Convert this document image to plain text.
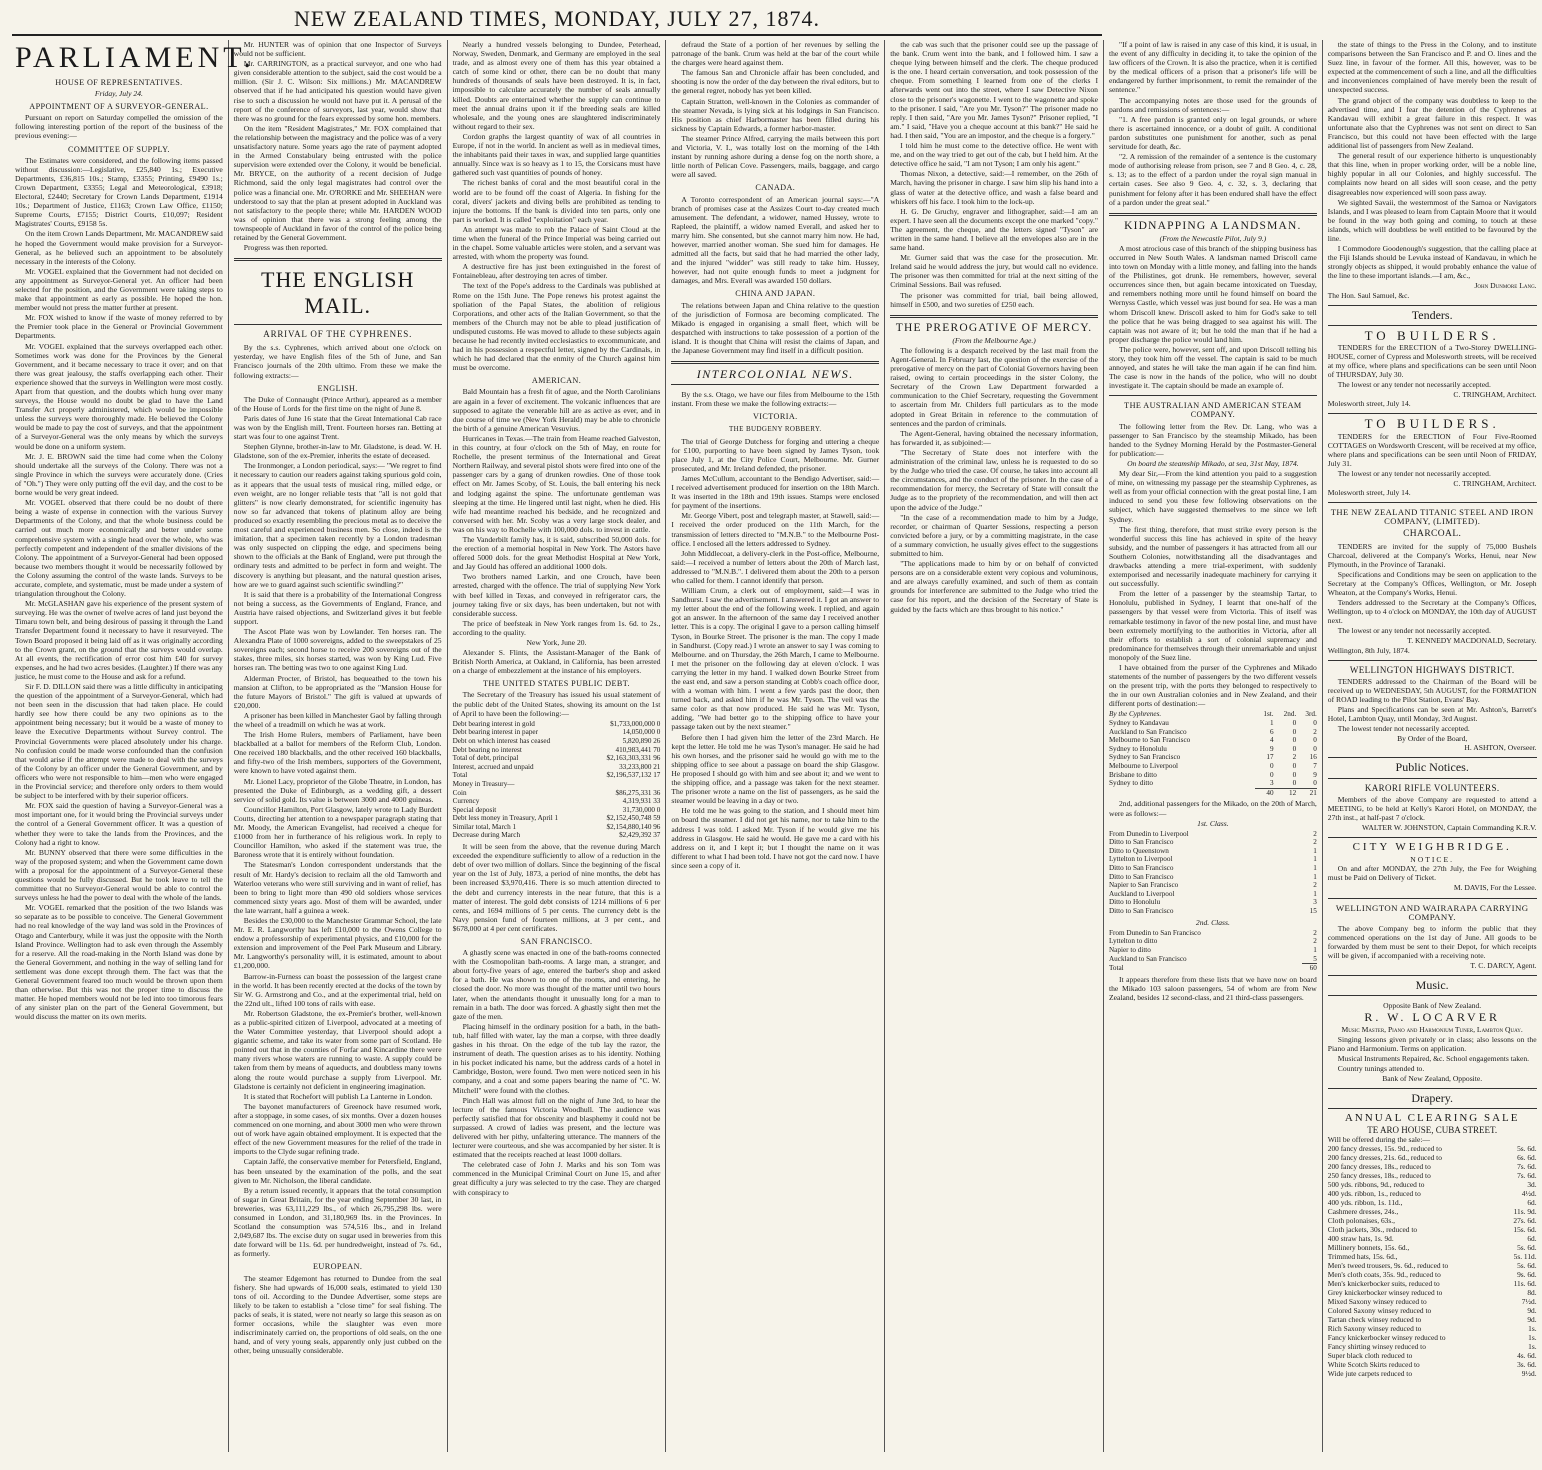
NEW ZEALAND TIMES, MONDAY, JULY 27, 1874.
PARLIAMENT.
HOUSE OF REPRESENTATIVES.

Friday, July 24.

APPOINTMENT OF A SURVEYOR-GENERAL.

Pursuant on report on Saturday compelled the omission of the following interesting portion of the report of the business of the previous evening:—

COMMITTEE OF SUPPLY.

The Estimates were considered, and the following items passed without discussion:—Legislative, £25,840 1s.; Executive Departments, £36,815 10s.; Stamp, £3355; Printing, £9490 1s.; Crown Department, £3355; Legal and Meteorological, £3918; Electoral, £2440; Secretary for Crown Lands Department, £1914 10s.; Department of Justice, £1163; Crown Law Office, £1150; Supreme Courts, £7155; District Courts, £10,097; Resident Magistrates' Courts, £9158 5s.

On the item Crown Lands Department, Mr. MACANDREW said he hoped the Government would make provision for a Surveyor-General, as he believed such an appointment to be absolutely necessary in the interests of the Colony.

Mr. VOGEL explained that the Government had not decided on any appointment as Surveyor-General yet. An officer had been selected for the position, and the Government were taking steps to make that appointment as early as possible. He hoped the hon. member would not press the matter further at present.

Mr. FOX wished to know if the waste of money referred to by the Premier took place in the General or Provincial Government Departments.

Mr. VOGEL explained that the surveys overlapped each other. Sometimes work was done for the Provinces by the General Government, and it became necessary to trace it over; and on that there was great jealousy, the staffs overlapping each other. Their experience showed that the surveys in Wellington were most costly. Apart from that question, and the doubts which hung over many surveys, the House would no doubt be glad to have the Land Transfer Act properly administered, which would be impossible unless the surveys were thoroughly made. He believed the Colony would be made to pay the cost of surveys, and that the appointment of a Surveyor-General was the only means by which the surveys would be done on a uniform system.

Mr. J. E. BROWN said the time had come when the Colony should undertake all the surveys of the Colony. There was not a single Province in which the surveys were accurately done. (Cries of "Oh.") They were only putting off the evil day, and the cost to be borne would be very great indeed.

Mr. VOGEL observed that there could be no doubt of there being a waste of expense in connection with the various Survey Departments of the Colony, and that the whole business could be carried out much more economically and better under some comprehensive system with a single head over the whole, who was perfectly competent and independent of the smaller divisions of the Colony. The appointment of a Surveyor-General had been opposed because two members thought it would be necessarily followed by the Colony assuming the control of the waste lands. Surveys to be accurate, complete, and systematic, must be made under a system of triangulation throughout the Colony.

Mr. McGLASHAN gave his experience of the present system of surveying. He was the owner of twelve acres of land just beyond the Timaru town belt, and being desirous of passing it through the Land Transfer Department found it necessary to have it resurveyed. The Town Board proposed it being laid off as it was originally according to the Crown grant, on the ground that the surveys would overlap. At all events, the rectification of error cost him £40 for survey expenses, and he had two acres besides. (Laughter.) If there was any justice, he must come to the House and ask for a refund.

Sir F. D. DILLON said there was a little difficulty in anticipating the question of the appointment of a Surveyor-General, which had not been seen in the discussion that had taken place. He could hardly see how there could be any two opinions as to the appointment being necessary; but it would be a waste of money to leave the Executive Departments without Survey control. The Provincial Governments were placed absolutely under his charge. No confusion could be made worse confounded than the confusion that would arise if the attempt were made to deal with the surveys of the Colony by an officer under the General Government, and by officers who were not responsible to him—men who were engaged in the Provincial service; and therefore only orders to them would be subject to be interfered with by their superior officers.

Mr. FOX said the question of having a Surveyor-General was a most important one, for it would bring the Provincial surveys under the control of a General Government officer. It was a question of whether they were to take the lands from the Provinces, and the Colony had a right to know.

Mr. BUNNY observed that there were some difficulties in the way of the proposed system; and when the Government came down with a proposal for the appointment of a Surveyor-General these questions would be fully discussed. But he took leave to tell the committee that no Surveyor-General would be able to control the surveys unless he had the power to deal with the whole of the lands.

Mr. VOGEL remarked that the position of the two Islands was so separate as to be possible to conceive. The General Government had no real knowledge of the way land was sold in the Provinces of Otago and Canterbury, while it was just the opposite with the North Island Province. Wellington had to ask even through the Assembly for a reserve. All the road-making in the North Island was done by the General Government, and nothing in the way of selling land for settlement was done except through them. The fact was that the General Government feared too much would be thrown upon them than otherwise. But this was not the proper time to discuss the matter. He hoped members would not be led into too timorous fears of any sinister plan on the part of the General Government, but would discuss the matter on its own merits.

Mr. HUNTER was of opinion that one Inspector of Surveys would not be sufficient.

Mr. CARRINGTON, as a practical surveyor, and one who had given considerable attention to the subject, said the cost would be a million. (Sir J. C. Wilson: Six millions.) Mr. MACANDREW observed that if he had anticipated his question would have given rise to such a discussion he would not have put it. A perusal of the report of the conference of surveyors, last year, would show that there was no ground for the fears expressed by some hon. members.

On the item "Resident Magistrates," Mr. FOX complained that the relationship between the magistracy and the police was of a very unsatisfactory nature. Some years ago the rate of payment adopted in the Armed Constabulary being entrusted with the police supervision were extended over the Colony, it would be beneficial. Mr. BRYCE, on the authority of a recent decision of Judge Richmond, said the only legal magistrates had control over the police was a financial one. Mr. O'RORKE and Mr. SHEEHAN were understood to say that the plan at present adopted in Auckland was not satisfactory to the people there; while Mr. HARDEN WOOD was of opinion that there was a strong feeling among the townspeople of Auckland in favor of the control of the police being retained by the General Government.

Progress was then reported.

THE ENGLISH MAIL.
ARRIVAL OF THE CYPHRENES.

By the s.s. Cyphrenes, which arrived about one o'clock on yesterday, we have English files of the 5th of June, and San Francisco journals of the 20th ultimo. From these we make the following extracts:—

ENGLISH.

The Duke of Connaught (Prince Arthur), appeared as a member of the House of Lords for the first time on the night of June 8.

Paris dates of June 16 state that the Great International Cab race was won by the English mill, Trent. Fourteen horses ran. Betting at start was four to one against Trent.

Stephen Glynne, brother-in-law to Mr. Gladstone, is dead. W. H. Gladstone, son of the ex-Premier, inherits the estate of deceased.

The Ironmonger, a London periodical, says:— "We regret to find it necessary to caution our readers against taking spurious gold coin, as it appears that the usual tests of musical ring, milled edge, or even weight, are no longer reliable tests that "all is not gold that glitters" is now clearly demonstrated, for scientific ingenuity has now so far advanced that tokens of platinum alloy are being produced so exactly resembling the precious metal as to deceive the most careful and experienced business men. So close, indeed is the imitation, that a specimen taken recently by a London tradesman was only suspected on clipping the edge, and specimens being shown to the officials at the Bank of England, were put through the ordinary tests and admitted to be perfect in form and weight. The discovery is anything but pleasant, and the natural question arises, how are we to guard against such scientific swindling?"

It is said that there is a probability of the International Congress not being a success, as the Governments of England, France, and Austria have raised objections, and Switzerland gives it but feeble support.

The Ascot Plate was won by Lowlander. Ten horses ran. The Alexandra Plate of 1000 sovereigns, added to the sweepstakes of 25 sovereigns each; second horse to receive 200 sovereigns out of the stakes, three miles, six horses started, was won by King Lud. Five horses ran. The betting was two to one against King Lud.

Alderman Procter, of Bristol, has bequeathed to the town his mansion at Clifton, to be appropriated as the "Mansion House for the future Mayors of Bristol." The gift is valued at upwards of £20,000.

A prisoner has been killed in Manchester Gaol by falling through the wheel of a treadmill on which he was at work.

The Irish Home Rulers, members of Parliament, have been blackballed at a ballot for members of the Reform Club, London. One received 180 blackballs, and the other received 160 blackballs, and fifty-two of the Irish members, supporters of the Government, were known to have voted against them.

Mr. Lionel Lacy, proprietor of the Globe Theatre, in London, has presented the Duke of Edinburgh, as a wedding gift, a dessert service of solid gold. Its value is between 3000 and 4000 guineas.

Councillor Hamilton, Port Glasgow, lately wrote to Lady Burdett Coutts, directing her attention to a newspaper paragraph stating that Mr. Moody, the American Evangelist, had received a cheque for £1000 from her in furtherance of his religious work. In reply to Councillor Hamilton, who asked if the statement was true, the Baroness wrote that it is entirely without foundation.

The Statesman's London correspondent understands that the result of Mr. Hardy's decision to reclaim all the old Tamworth and Waterloo veterans who were still surviving and in want of relief, has been to bring to light more than 490 old soldiers whose services commenced sixty years ago. Most of them will be awarded, under the late warrant, half a guinea a week.

Besides the £30,000 to the Manchester Grammar School, the late Mr. E. R. Langworthy has left £10,000 to the Owens College to endow a professorship of experimental physics, and £10,000 for the extension and improvement of the Peel Park Museum and Library. Mr. Langworthy's personality will, it is estimated, amount to about £1,200,000.

Barrow-in-Furness can boast the possession of the largest crane in the world. It has been recently erected at the docks of the town by Sir W. G. Armstrong and Co., and at the experimental trial, held on the 22nd ult., lifted 100 tons of rails with ease.

Mr. Robertson Gladstone, the ex-Premier's brother, well-known as a public-spirited citizen of Liverpool, advocated at a meeting of the Water Committee yesterday, that Liverpool should adopt a gigantic scheme, and take its water from some part of Scotland. He pointed out that in the counties of Forfar and Kincardine there were many rivers whose waters are running to waste. A supply could be taken from them by means of aqueducts, and doubtless many towns along the route would purchase a supply from Liverpool. Mr. Gladstone is certainly not deficient in engineering imagination.

It is stated that Rochefort will publish La Lanterne in London.

The bayonet manufacturers of Greenock have resumed work, after a stoppage, in some cases, of six months. Over a dozen houses commenced on one morning, and about 3000 men who were thrown out of work have again obtained employment. It is expected that the effect of the new Government measures for the relief of the trade in imports to the Clyde sugar refining trade.

Captain Jaffé, the conservative member for Petersfield, England, has been unseated by the examination of the polls, and the seat given to Mr. Nicholson, the liberal candidate.

By a return issued recently, it appears that the total consumption of sugar in Great Britain, for the year ending September 30 last, in breweries, was 63,111,229 lbs., of which 26,795,298 lbs. were consumed in London, and 31,180,969 lbs. in the Provinces. In Scotland the consumption was 574,516 lbs., and in Ireland 2,049,687 lbs. The excise duty on sugar used in breweries from this date forward will be 11s. 6d. per hundredweight, instead of 7s. 6d., as formerly.

EUROPEAN.

The steamer Edgemont has returned to Dundee from the seal fishery. She had upwards of 16,000 seals, estimated to yield 130 tons of oil. According to the Dundee Advertiser, some steps are likely to be taken to establish a "close time" for seal fishing. The packs of seals, it is stated, were not nearly so large this season as on former occasions, while the slaughter was even more indiscriminately carried on, the proportions of old seals, on the one hand, and of very young seals, apparently only just cubbed on the other, being unusually considerable.

Nearly a hundred vessels belonging to Dundee, Peterhead, Norway, Sweden, Denmark, and Germany are employed in the seal trade, and as almost every one of them has this year obtained a catch of some kind or other, there can be no doubt that many hundreds of thousands of seals have been destroyed. It is, in fact, impossible to calculate accurately the number of seals annually killed. Doubts are entertained whether the supply can continue to meet the annual drains upon it if the breeding seals are killed wholesale, and the young ones are slaughtered indiscriminately without regard to their sex.

Cordon graphs the largest quantity of wax of all countries in Europe, if not in the world. In ancient as well as in medieval times, the inhabitants paid their taxes in wax, and supplied large quantities annually. Since wax is so heavy as 1 to 15, the Corsicans must have gathered such vast quantities of pounds of honey.

The richest banks of coral and the most beautiful coral in the world are to be found off the coast of Algeria. In fishing for the coral, divers' jackets and diving bells are prohibited as tending to injure the bottoms. If the bank is divided into ten parts, only one part is worked. It is called "exploitation" each year.

An attempt was made to rob the Palace of Saint Cloud at the time when the funeral of the Prince Imperial was being carried out in the chapel. Some valuable articles were stolen, and a servant was arrested, with whom the property was found.

A destructive fire has just been extinguished in the forest of Fontainebleau, after destroying ten acres of timber.

The text of the Pope's address to the Cardinals was published at Rome on the 15th June. The Pope renews his protest against the spoliation of the Papal States, the abolition of religious Corporations, and other acts of the Italian Government, so that the members of the Church may not be able to plead justification of undisputed customs. He was moved to allude to these subjects again because he had recently invited ecclesiastics to excommunicate, and had in his possession a respectful letter, signed by the Cardinals, in which he had declared that the enmity of the Church against him must be overcome.

AMERICAN.

Bald Mountain has a fresh fit of ague, and the North Carolinians are again in a fever of excitement. The volcanic influences that are supposed to agitate the venerable hill are as active as ever, and in due course of time we (New York Herald) may be able to chronicle the birth of a genuine American Vesuvius.

Hurricanes in Texas.—The train from Heame reached Galveston, in this country, at four o'clock on the 5th of May, en route for Rochelle, the present terminus of the International and Great Northern Railway, and several pistol shots were fired into one of the passenger cars by a gang of drunken rowdies. One of those took effect on Mr. James Scoby, of St. Louis, the ball entering his neck and lodging against the spine. The unfortunate gentleman was sleeping at the time. He lingered until last night, when he died. His wife had meantime reached his bedside, and he recognized and conversed with her. Mr. Scoby was a very large stock dealer, and was on his way to Rochelle with 100,000 dols. to invest in cattle.

The Vanderbilt family has, it is said, subscribed 50,000 dols. for the erection of a memorial hospital in New York. The Astors have offered 5000 dols. for the great Methodist Hospital at New York, and Jay Gould has offered an additional 1000 dols.

Two brothers named Larkin, and one Crouch, have been arrested, charged with the offence. The trial of supplying New York with beef killed in Texas, and conveyed in refrigerator cars, the journey taking five or six days, has been undertaken, but not with considerable success.

The price of beefsteak in New York ranges from 1s. 6d. to 2s., according to the quality.

New York, June 20.

Alexander S. Flints, the Assistant-Manager of the Bank of British North America, at Oakland, in California, has been arrested on a charge of embezzlement at the instance of his employers.

THE UNITED STATES PUBLIC DEBT.

The Secretary of the Treasury has issued his usual statement of the public debt of the United States, showing its amount on the 1st of April to have been the following:—

Debt bearing interest in gold	$1,733,000,000 0
Debt bearing interest in paper	14,050,000 0
Debt on which interest has ceased	5,820,890 26
Debt bearing no interest	410,983,441 70
Total of debt, principal	$2,163,303,331 96
Interest, accrued and unpaid	33,233,800 21
Total	$2,196,537,132 17
Money in Treasury—	
Coin	$86,275,331 36
Currency	4,319,931 33
Special deposit	31,730,000 0
Debt less money in Treasury, April 1	$2,152,450,748 59
Similar total, March 1	$2,154,880,140 96
Decrease during March	$2,429,392 37

It will be seen from the above, that the revenue during March exceeded the expenditure sufficiently to allow of a reduction in the debt of over two million of dollars. Since the beginning of the fiscal year on the 1st of July, 1873, a period of nine months, the debt has been increased $3,970,416. There is so much attention directed to the debt and currency interests in the near future, that this is a matter of interest. The gold debt consists of 1214 millions of 6 per cents, and 1694 millions of 5 per cents. The currency debt is the Navy pension fund of fourteen millions, at 3 per cent., and $678,000 at 4 per cent certificates.

SAN FRANCISCO.

A ghastly scene was enacted in one of the bath-rooms connected with the Cosmopolitan bath-rooms. A large man, a stranger, and about forty-five years of age, entered the barber's shop and asked for a bath. He was shown to one of the rooms, and entering, he closed the door. No more was thought of the matter until two hours later, when the attendants thought it unusually long for a man to remain in a bath. The door was forced. A ghastly sight then met the gaze of the men.

Placing himself in the ordinary position for a bath, in the bath-tub, half filled with water, lay the man a corpse, with three deadly gashes in his throat. On the edge of the tub lay the razor, the instrument of death. The question arises as to his identity. Nothing in his pocket indicated his name, but the address cards of a hotel in Cambridge, Boston, were found. Two men were noticed seen in his company, and a coat and some papers bearing the name of "C. W. Mitchell" were found with the clothes.

Pinch Hall was almost full on the night of June 3rd, to hear the lecture of the famous Victoria Woodhull. The audience was perfectly satisfied that for obscenity and blasphemy it could not be surpassed. A crowd of ladies was present, and the lecture was delivered with her pithy, unfaltering utterance. The manners of the lecturer were courteous, and she was accompanied by her sister. It is estimated that the receipts reached at least 1000 dollars.

The celebrated case of John J. Marks and his son Tom was commenced in the Municipal Criminal Court on June 15, and after great difficulty a jury was selected to try the case. They are charged with conspiracy to

defraud the State of a portion of her revenues by selling the patronage of the bank. Crum was held at the bar of the court while the charges were heard against them.

The famous San and Chronicle affair has been concluded, and shooting is now the order of the day between the rival editors, but to the general regret, nobody has yet been killed.

Captain Stratton, well-known in the Colonies as commander of the steamer Nevada, is lying sick at his lodgings in San Francisco. His position as chief Harbormaster has been filled during his sickness by Captain Edwards, a former harbor-master.

The steamer Prince Alfred, carrying the mails between this port and Victoria, V. I., was totally lost on the morning of the 14th instant by running ashore during a dense fog on the north shore, a little north of Pelican Cove. Passengers, mails, baggage, and cargo were all saved.

CANADA.

A Toronto correspondent of an American journal says:—"A branch of promises case at the Assizes Court to-day created much amusement. The defendant, a widower, named Hussey, wrote to Rapleed, the plaintiff, a widow named Everall, and asked her to marry him. She consented, but she cannot marry him now. He had, however, married another woman. She sued him for damages. He admitted all the facts, but said that he had married the other lady, and the injured "widder" was still ready to take him. Hussey, however, had not quite enough funds to meet a judgment for damages, and Mrs. Everall was awarded 150 dollars.

CHINA AND JAPAN.

The relations between Japan and China relative to the question of the jurisdiction of Formosa are becoming complicated. The Mikado is engaged in organising a small fleet, which will be despatched with instructions to take possession of a portion of the island. It is thought that China will resist the claims of Japan, and the Japanese Government may find itself in a difficult position.

INTERCOLONIAL NEWS.

By the s.s. Otago, we have our files from Melbourne to the 15th instant. From these we make the following extracts:—

VICTORIA.
THE BUDGENY ROBBERY.

The trial of George Dutchess for forging and uttering a cheque for £100, purporting to have been signed by James Tyson, took place July 1, at the City Police Court, Melbourne. Mr. Gurner prosecuted, and Mr. Ireland defended, the prisoner.

James McCullum, accountant to the Bendigo Advertiser, said:—I received advertisement produced for insertion on the 18th March. It was inserted in the 18th and 19th issues. Stamps were enclosed for payment of the insertions.

Mr. George Vibert, post and telegraph master, at Stawell, said:—I received the order produced on the 11th March, for the transmission of letters directed to "M.N.B." to the Melbourne Post-office. I enclosed all the letters addressed to Sydney.

John Middlecoat, a delivery-clerk in the Post-office, Melbourne, said:—I received a number of letters about the 20th of March last, addressed to "M.N.B.". I delivered them about the 20th to a person who called for them. I cannot identify that person.

William Crum, a clerk out of employment, said:—I was in Sandhurst. I saw the advertisement. I answered it. I got an answer to my letter about the end of the following week. I replied, and again got an answer. In the afternoon of the same day I received another letter. This is a copy. The original I gave to a person calling himself Tyson, in Bourke Street. The prisoner is the man. The copy I made in Sandhurst. (Copy read.) I wrote an answer to say I was coming to Melbourne. and on Thursday, the 26th March, I came to Melbourne. I met the prisoner on the following day at eleven o'clock. I was carrying the letter in my hand. I walked down Bourke Street from the east end, and saw a person standing at Cobb's coach office door, with a woman with him. I went a few yards past the door, then turned back, and asked him if he was Mr. Tyson. The veil was the same color as that now produced. He said he was Mr. Tyson, adding, "We had better go to the shipping office to have your passage taken out by the next steamer."

Before then I had given him the letter of the 23rd March. He kept the letter. He told me he was Tyson's manager. He said he had his own horses, and the prisoner said he would go with me to the shipping office to see about a passage on board the ship Glasgow. He proposed I should go with him and see about it; and we went to the shipping office, and a passage was taken for the next steamer. The prisoner wrote a name on the list of passengers, as he said the steamer would be leaving in a day or two.

He told me he was going to the station, and I should meet him on board the steamer. I did not get his name, nor to take him to the address I was told. I asked Mr. Tyson if he would give me his address in Glasgow. He said he would. He gave me a card with his address on it, and I kept it; but I thought the name on it was different to what I had been told. I have not got the card now. I have since seen a copy of it.

the cab was such that the prisoner could see up the passage of the bank. Crum went into the bank, and I followed him. I saw a cheque lying between himself and the clerk. The cheque produced is the one. I heard certain conversation, and took possession of the cheque. From something I learned from one of the clerks I afterwards went out into the street, where I saw Detective Nixon close to the prisoner's wagonette. I went to the wagonette and spoke to the prisoner. I said, "Are you Mr. Tyson?" The prisoner made no reply. I then said, "Are you Mr. James Tyson?" Prisoner replied, "I am." I said, "Have you a cheque account at this bank?" He said he had. I then said, "You are an impostor, and the cheque is a forgery."

I told him he must come to the detective office. He went with me, and on the way tried to get out of the cab, but I held him. At the detective office he said, "I am not Tyson; I am only his agent."

Thomas Nixon, a detective, said:—I remember, on the 26th of March, having the prisoner in charge. I saw him slip his hand into a glass of water at the detective office, and wash a false beard and whiskers off his face. I took him to the lock-up.

H. G. De Gruchy, engraver and lithographer, said:—I am an expert. I have seen all the documents except the one marked "copy." The agreement, the cheque, and the letters signed "Tyson" are written in the same hand. I believe all the envelopes also are in the same hand.

Mr. Gurner said that was the case for the prosecution. Mr. Ireland said he would address the jury, but would call no evidence. The prisoner was then committed for trial at the next sitting of the Criminal Sessions. Bail was refused.

The prisoner was committed for trial, bail being allowed, himself in £500, and two sureties of £250 each.

THE PREROGATIVE OF MERCY.

(From the Melbourne Age.)

The following is a despatch received by the last mail from the Agent-General. In February last, the question of the exercise of the prerogative of mercy on the part of Colonial Governors having been raised, owing to certain proceedings in the sister Colony, the Secretary of the Crown Law Department forwarded a communication to the Chief Secretary, requesting the Government to ascertain from Mr. Childers full particulars as to the mode adopted in Great Britain in reference to the commutation of sentences and the pardon of criminals.

The Agent-General, having obtained the necessary information, has forwarded it, as subjoined:—

"The Secretary of State does not interfere with the administration of the criminal law, unless he is requested to do so by the Judge who tried the case. Of course, he takes into account all the circumstances, and the conduct of the prisoner. In the case of a recommendation for mercy, the Secretary of State will consult the Judge as to the propriety of the recommendation, and will then act upon the advice of the Judge."

"In the case of a recommendation made to him by a Judge, recorder, or chairman of Quarter Sessions, respecting a person convicted before a jury, or by a committing magistrate, in the case of a summary conviction, he usually gives effect to the suggestions submitted to him.

"The applications made to him by or on behalf of convicted persons are on a considerable extent very copious and voluminous, and are always carefully examined, and such of them as contain grounds for interference are submitted to the Judge who tried the case for his report, and the decision of the Secretary of State is guided by the facts which are thus brought to his notice."

"If a point of law is raised in any case of this kind, it is usual, in the event of any difficulty in deciding it, to take the opinion of the law officers of the Crown. It is also the practice, when it is certified by the medical officers of a prison that a prisoner's life will be endangered by further imprisonment, to remit the remainder of the sentence."

The accompanying notes are those used for the grounds of pardons and remissions of sentences:—

"1. A free pardon is granted only on legal grounds, or where there is ascertained innocence, or a doubt of guilt. A conditional pardon substitutes one punishment for another, such as penal servitude for death, &c.

"2. A remission of the remainder of a sentence is the customary mode of authorising release from prison, see 7 and 8 Geo. 4, c. 28, s. 13; as to the effect of a pardon under the royal sign manual in certain cases. See also 9 Geo. 4, c. 32, s. 3, declaring that punishment for felony after it has been endured shall have the effect of a pardon under the great seal."

KIDNAPPING A LANDSMAN.

(From the Newcastle Pilot, July 9.)

A most atrocious case of this branch of the shipping business has occurred in New South Wales. A landsman named Driscoll came into town on Monday with a little money, and falling into the hands of the Philistines, got drunk. He remembers, however, several occurrences since then, but again became intoxicated on Tuesday, and remembers nothing more until he found himself on board the Wernyss Castle, which vessel was just bound for sea. He was a man whom Driscoll knew. Driscoll asked to him for God's sake to tell the police that he was being dragged to sea against his will. The captain was not aware of it; but he told the man that if he had a proper discharge the police would land him.

The police were, however, sent off, and upon Driscoll telling his story, they took him off the vessel. The captain is said to be much annoyed, and states he will take the man again if he can find him. The case is now in the hands of the police, who will no doubt investigate it. The captain should be made an example of.

THE AUSTRALIAN AND AMERICAN STEAM COMPANY.

The following letter from the Rev. Dr. Lang, who was a passenger to San Francisco by the steamship Mikado, has been handed to the Sydney Morning Herald by the Postmaster-General for publication:—

On board the steamship Mikado, at sea, 31st May, 1874.

My dear Sir,—From the kind attention you paid to a suggestion of mine, on witnessing my passage per the steamship Cyphrenes, as well as from your official connection with the great postal line, I am induced to send you these few following observations on the subject, which have suggested themselves to me since we left Sydney.

The first thing, therefore, that must strike every person is the wonderful success this line has achieved in spite of the heavy subsidy, and the number of passengers it has attracted from all our Southern Colonies, notwithstanding all the disadvantages and drawbacks attending a mere trial-experiment, with suddenly extemporised and necessarily inadequate machinery for carrying it out successfully.

From the letter of a passenger by the steamship Tartar, to Honolulu, published in Sydney, I learnt that one-half of the passengers by that vessel were from Victoria. This of itself was remarkable testimony in favor of the new postal line, and must have been extremely mortifying to the authorities in Victoria, after all their efforts to establish a sort of colonial supremacy and predominance for themselves through their unremarkable and unjust monopoly of the Suez line.

I have obtained from the purser of the Cyphrenes and Mikado statements of the number of passengers by the two different vessels on the present trip, with the ports they belonged to respectively to the in our own Australian colonies and in New Zealand, and their different ports of destination:—

By the Cyphrenes.	1st.	2nd.	3rd.
Sydney to Kandavau	1	0	0
Auckland to San Francisco	6	0	2
Melbourne to San Francisco	4	0	0
Sydney to Honolulu	9	0	0
Sydney to San Francisco	17	2	16
Melbourne to Liverpool	0	0	7
Brisbane to ditto	0	0	9
Sydney to ditto	3	0	0
	40	12	21

2nd, additional passengers for the Mikado, on the 20th of March, were as follows:—

1st. Class.

From Dunedin to Liverpool	2
Ditto to San Francisco	2
Ditto to Queenstown	1
Lyttelton to Liverpool	1
Ditto to San Francisco	1
Ditto to San Francisco	1
Napier to San Francisco	2
Auckland to Liverpool	1
Ditto to Honolulu	3
Ditto to San Francisco	15

2nd. Class.

From Dunedin to San Francisco	2
Lyttelton to ditto	2
Napier to ditto	1
Auckland to San Francisco	5
Total	60

It appears therefore from these lists that we have now on board the Mikado 103 saloon passengers, 54 of whom are from New Zealand, besides 12 second-class, and 21 third-class passengers.

the state of things to the Press in the Colony, and to institute comparisons between the San Francisco and P. and O. lines and the Suez line, in favour of the former. All this, however, was to be expected at the commencement of such a line, and all the difficulties and inconveniences complained of have merely been the result of unexpected success.

The grand object of the company was doubtless to keep to the advertised time, and I fear the detention of the Cyphrenes at Kandavau will exhibit a great failure in this respect. It was unfortunate also that the Cyphrenes was not sent on direct to San Francisco, but this could not have been effected with the large additional list of passengers from New Zealand.

The general result of our experience hitherto is unquestionably that this line, when in proper working order, will be a noble line, highly popular in all our Colonies, and highly successful. The complaints now heard on all sides will soon cease, and the petty disagreeables now experienced will soon pass away.

We sighted Savaii, the westernmost of the Samoa or Navigators Islands, and I was pleased to learn from Captain Moore that it would be found in the way both going and coming, to touch at these islands, which will doubtless be well entitled to be favoured by the line.

I Commodore Goodenough's suggestion, that the calling place at the Fiji Islands should be Levuka instead of Kandavau, in which he strongly objects as shipped, it would probably enhance the value of the line to these important islands.—I am, &c.,

John Dunmore Lang.
The Hon. Saul Samuel, &c.
Tenders.
TO BUILDERS.

TENDERS for the ERECTION of a Two-Storey DWELLING-HOUSE, corner of Cypress and Molesworth streets, will be received at my office, where plans and specifications can be seen until Noon of THURSDAY, July 30.

The lowest or any tender not necessarily accepted.

C. TRINGHAM, Architect.
Molesworth street, July 14.
TO BUILDERS.

TENDERS for the ERECTION of Four Five-Roomed COTTAGES on Wordsworth Crescent, will be received at my office, where plans and specifications can be seen until Noon of FRIDAY, July 31.

The lowest or any tender not necessarily accepted.

C. TRINGHAM, Architect.
Molesworth street, July 14.
THE NEW ZEALAND TITANIC STEEL AND IRON COMPANY, (LIMITED).
CHARCOAL.

TENDERS are invited for the supply of 75,000 Bushels Charcoal, delivered at the Company's Works, Henui, near New Plymouth, in the Province of Taranaki.

Specifications and Conditions may be seen on application to the Secretary at the Company's Offices, Wellington, or Mr. Joseph Wheaton, at the Company's Works, Henui.

Tenders addressed to the Secretary at the Company's Offices, Wellington, up to 4 o'clock on MONDAY, the 10th day of AUGUST next.

The lowest or any tender not necessarily accepted.

T. KENNEDY MACDONALD, Secretary.
Wellington, 8th July, 1874.
WELLINGTON HIGHWAYS DISTRICT.

TENDERS addressed to the Chairman of the Board will be received up to WEDNESDAY, 5th AUGUST, for the FORMATION of ROAD leading to the Pilot Station, Evans' Bay.

Plans and Specifications can be seen at Mr. Ashton's, Barrett's Hotel, Lambton Quay, until Monday, 3rd August.

The lowest tender not necessarily accepted.

By Order of the Board,
H. ASHTON, Overseer.
Public Notices.
KARORI RIFLE VOLUNTEERS.

Members of the above Company are requested to attend a MEETING, to be held at Kelly's Karori Hotel, on MONDAY, the 27th inst., at half-past 7 o'clock.

WALTER W. JOHNSTON, Captain Commanding K.R.V.
CITY WEIGHBRIDGE.
NOTICE.

On and after MONDAY, the 27th July, the Fee for Weighing must be Paid on Delivery of Ticket.

M. DAVIS, For the Lessee.
WELLINGTON AND WAIRARAPA CARRYING COMPANY.

The above Company beg to inform the public that they commenced operations on the 1st day of June. All goods to be forwarded by them must be sent to their Depot, for which receipts will be given, if accompanied with a receiving note.

T. C. DARCY, Agent.
Music.
Opposite Bank of New Zealand.
R. W. LOCARVER
Music Master, Piano and Harmonium Tuner, Lambton Quay.

Singing lessons given privately or in class; also lessons on the Piano and Harmonium. Terms on application.

Musical Instruments Repaired, &c. School engagements taken.

Country tunings attended to.

Bank of New Zealand, Opposite.
Drapery.
ANNUAL CLEARING SALE
TE ARO HOUSE, CUBA STREET.
Will be offered during the sale:—
200 fancy dresses, 15s. 9d., reduced to	5s. 6d.
200 fancy dresses, 21s. 6d., reduced to	6s. 6d.
200 fancy dresses, 18s., reduced to	7s. 6d.
250 fancy dresses, 18s., reduced to	7s. 6d.
500 yds. ribbons, 9d., reduced to	3d.
400 yds. ribbon, 1s., reduced to	4½d.
400 yds. ribbon, 1s. 11d.,	6d.
Cashmere dresses, 24s.,	11s. 9d.
Cloth polonaises, 63s.,	27s. 6d.
Cloth jackets, 30s., reduced to	15s. 6d.
400 straw hats, 1s. 9d.	6d.
Millinery bonnets, 15s. 6d.,	5s. 6d.
Trimmed hats, 15s. 6d.,	5s. 11d.
Men's tweed trousers, 9s. 6d., reduced to	5s. 6d.
Men's cloth coats, 35s. 9d., reduced to	9s. 6d.
Men's knickerbocker suits, reduced to	11s. 6d.
Grey knickerbocker winsey reduced to	8d.
Mixed Saxony winsey reduced to	7½d.
Colored Saxony winsey reduced to	9d.
Tartan check winsey reduced to	9d.
Rich Saxony winsey reduced to	1s.
Fancy knickerbocker winsey reduced to	1s.
Fancy shirting winsey reduced to	1s.
Super black cloth reduced to	4s. 6d.
White Scotch Skirts reduced to	3s. 6d.
Wide jute carpets reduced to	9½d.
